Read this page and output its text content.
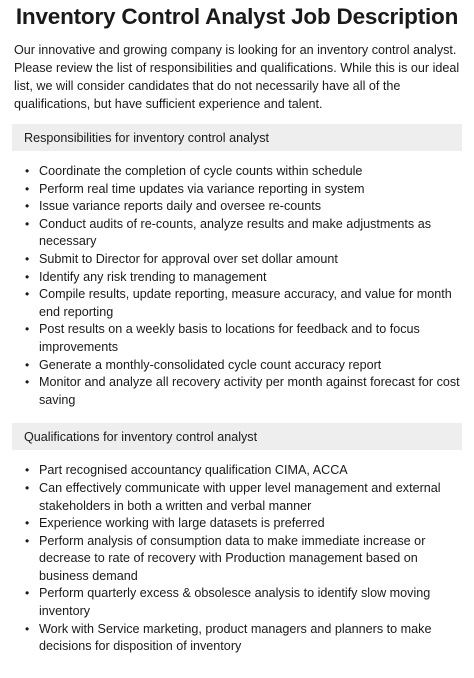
Inventory Control Analyst Job Description

Our innovative and growing company is looking for an inventory control analyst. Please review the list of responsibilities and qualifications. While this is our ideal list, we will consider candidates that do not necessarily have all of the qualifications, but have sufficient experience and talent.

Responsibilities for inventory control analyst
• Coordinate the completion of cycle counts within schedule
• Perform real time updates via variance reporting in system
• Issue variance reports daily and oversee re-counts
• Conduct audits of re-counts, analyze results and make adjustments as necessary
• Submit to Director for approval over set dollar amount
• Identify any risk trending to management
• Compile results, update reporting, measure accuracy, and value for month end reporting
• Post results on a weekly basis to locations for feedback and to focus improvements
• Generate a monthly-consolidated cycle count accuracy report
• Monitor and analyze all recovery activity per month against forecast for cost saving
Qualifications for inventory control analyst
• Part recognised accountancy qualification CIMA, ACCA
• Can effectively communicate with upper level management and external stakeholders in both a written and verbal manner
• Experience working with large datasets is preferred
• Perform analysis of consumption data to make immediate increase or decrease to rate of recovery with Production management based on business demand
• Perform quarterly excess & obsolesce analysis to identify slow moving inventory
• Work with Service marketing, product managers and planners to make decisions for disposition of inventory
